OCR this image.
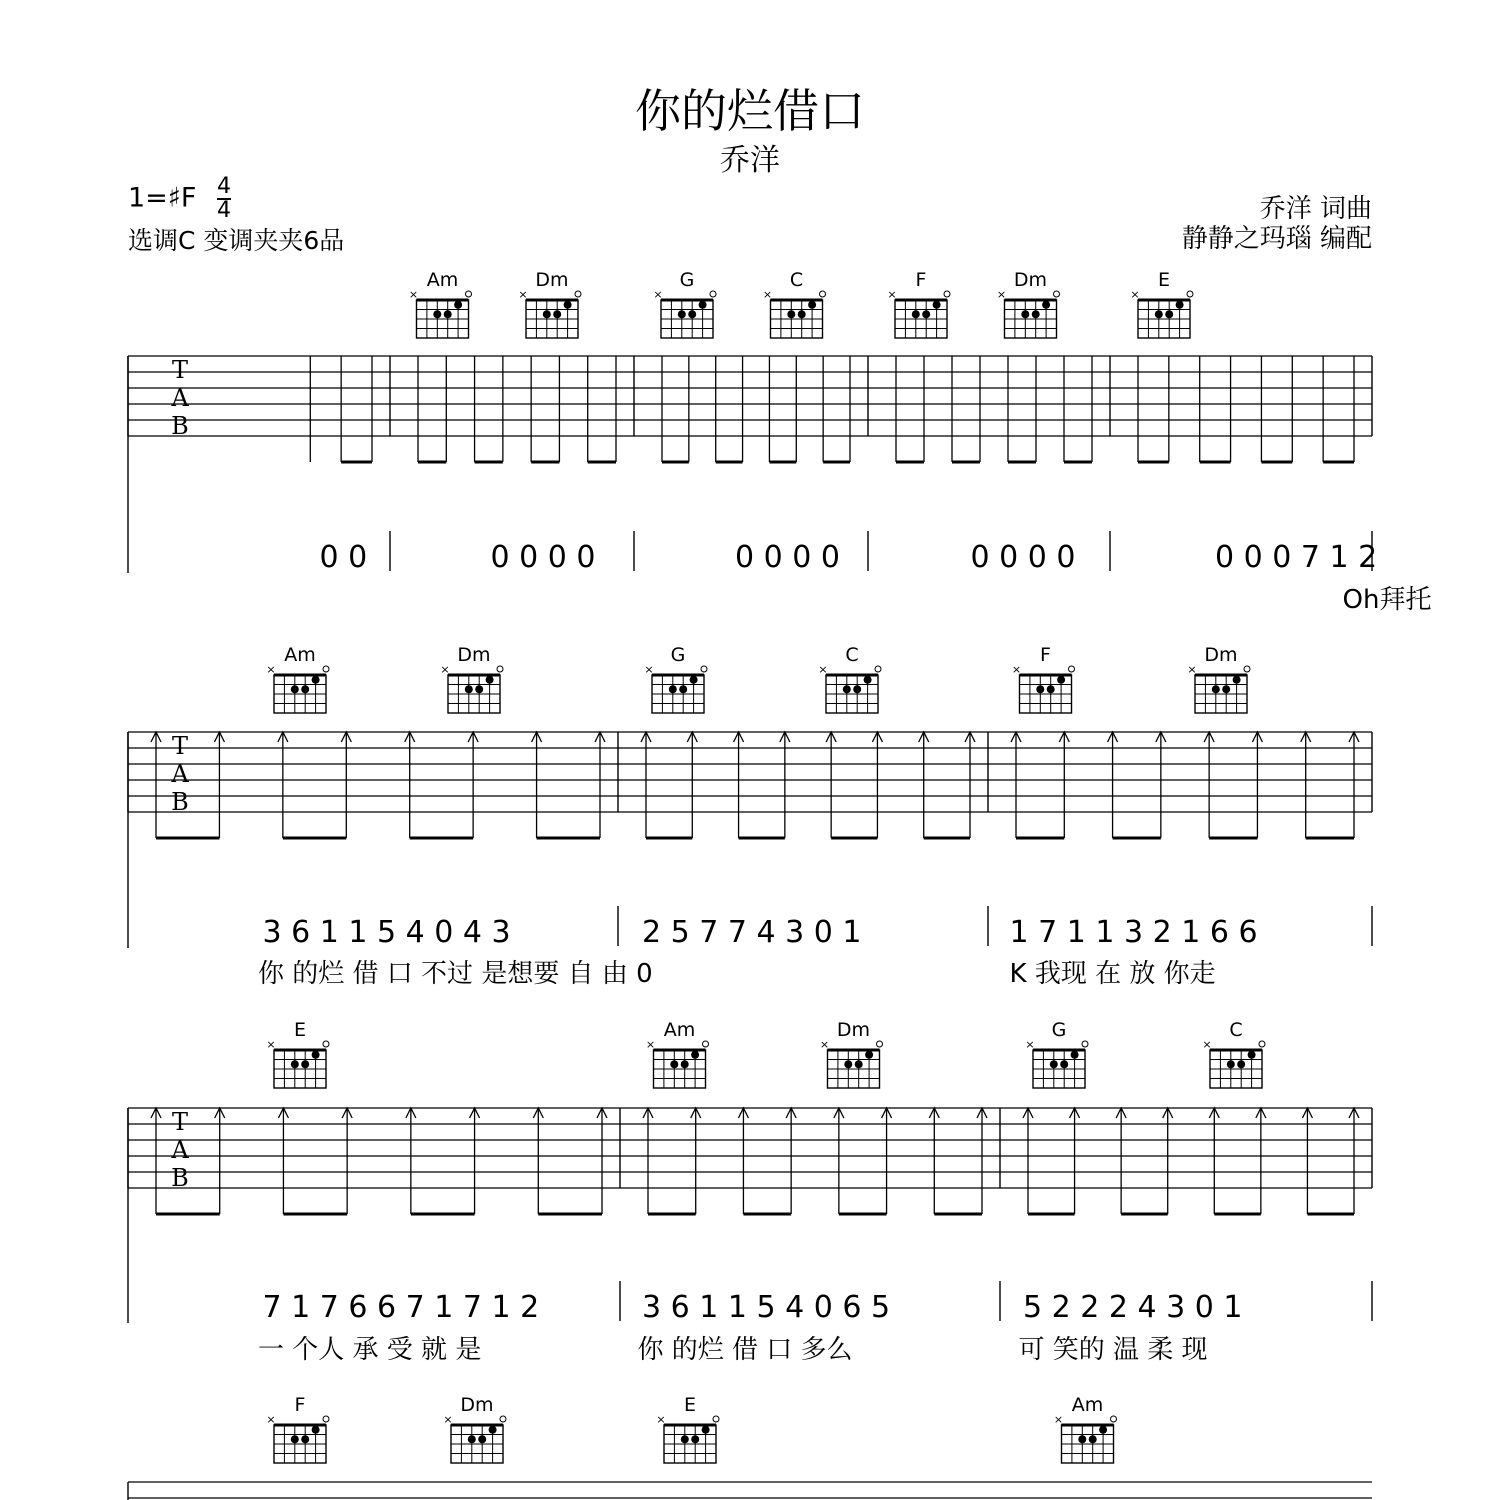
你的烂借口
乔洋
1=♯F $\frac{4}{4}$
选调C 变调夹夹6品
乔洋 词曲
静静之玛瑙 编配
Am
×
Dm
×
G
×
C
×
F
×
Dm
×
E
×
T
A
B
0 0	0 0 0 0	0 0 0 0	0 0 0 0	0 0 0 7 1 2
Oh拜托
Am
×
Dm
×
G
×
C
×
F
×
Dm
×
T
A
B
3 6 1 1 5 4 0 4 3	2 5 7 7 4 3 0 1	1 7 1 1 3 2 1 6 6
你 的烂 借 口 不过 是想要 自 由 0	K 我现 在 放 你走
E
×
Am
×
Dm
×
G
×
C
×
T
A
B
7 1 7 6 6 7 1 7 1 2	3 6 1 1 5 4 0 6 5	5 2 2 2 4 3 0 1
一 个人 承 受 就 是	你 的烂 借 口 多么	可 笑的 温 柔 现
F
×
Dm
×
E
×
Am
×
